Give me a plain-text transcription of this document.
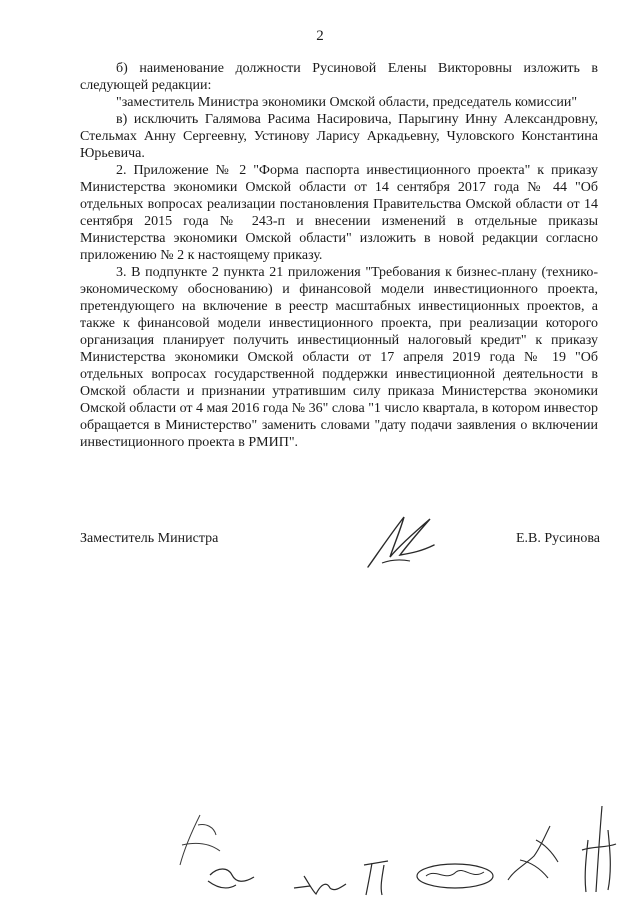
2

б) наименование должности Русиновой Елены Викторовны изложить в следующей редакции:

"заместитель Министра экономики Омской области, председатель комиссии"

в) исключить Галямова Расима Насировича, Парыгину Инну Александровну, Стельмах Анну Сергеевну, Устинову Ларису Аркадьевну, Чуловского Константина Юрьевича.

2. Приложение № 2 "Форма паспорта инвестиционного проекта" к приказу Министерства экономики Омской области от 14 сентября 2017 года № 44 "Об отдельных вопросах реализации постановления Правительства Омской области от 14 сентября 2015 года № 243-п и внесении изменений в отдельные приказы Министерства экономики Омской области" изложить в новой редакции согласно приложению № 2 к настоящему приказу.

3. В подпункте 2 пункта 21 приложения "Требования к бизнес-плану (технико-экономическому обоснованию) и финансовой модели инвестиционного проекта, претендующего на включение в реестр масштабных инвестиционных проектов, а также к финансовой модели инвестиционного проекта, при реализации которого организация планирует получить инвестиционный налоговый кредит" к приказу Министерства экономики Омской области от 17 апреля 2019 года № 19 "Об отдельных вопросах государственной поддержки инвестиционной деятельности в Омской области и признании утратившим силу приказа Министерства экономики Омской области от 4 мая 2016 года № 36" слова "1 число квартала, в котором инвестор обращается в Министерство" заменить словами "дату подачи заявления о включении инвестиционного проекта в РМИП".

Заместитель Министра	Е.В. Русинова
